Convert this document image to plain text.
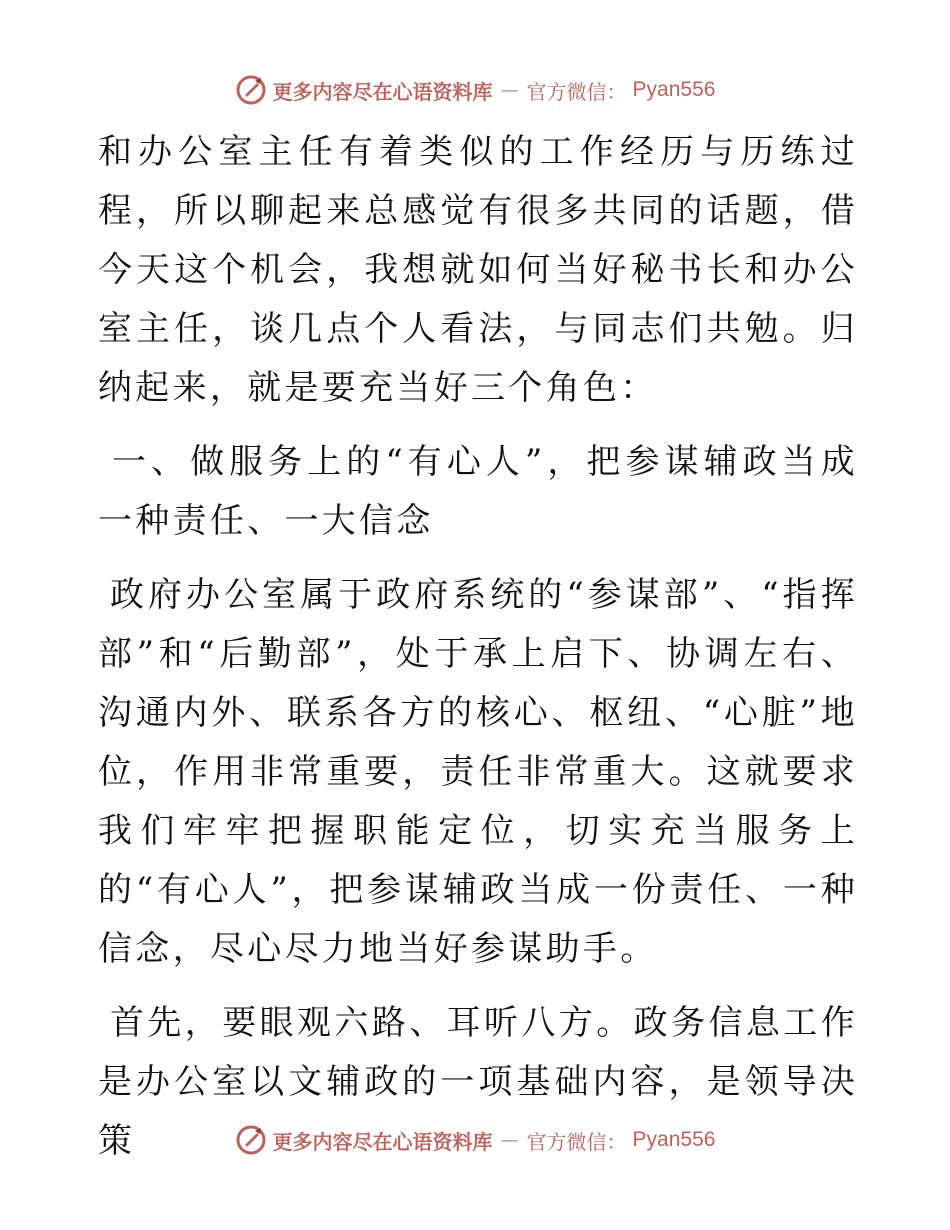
更多内容尽在心语资料库 — 官方微信： Pyan556

和办公室主任有着类似的工作经历与历练过程，所以聊起来总感觉有很多共同的话题，借今天这个机会，我想就如何当好秘书长和办公室主任，谈几点个人看法，与同志们共勉。归纳起来，就是要充当好三个角色：

一、做服务上的“有心人”，把参谋辅政当成一种责任、一大信念

政府办公室属于政府系统的“参谋部”、“指挥部”和“后勤部”，处于承上启下、协调左右、沟通内外、联系各方的核心、枢纽、“心脏”地位，作用非常重要，责任非常重大。这就要求我们牢牢把握职能定位，切实充当服务上的“有心人”，把参谋辅政当成一份责任、一种信念，尽心尽力地当好参谋助手。

首先，要眼观六路、耳听八方。政务信息工作是办公室以文辅政的一项基础内容，是领导决策	更多内容尽在心语资料库 — 官方微信： Pyan556
